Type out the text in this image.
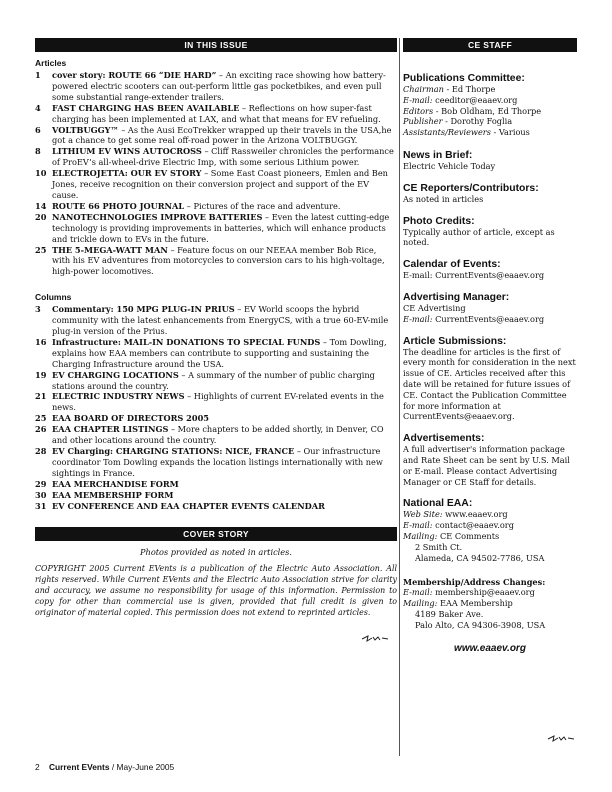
IN THIS ISSUE
Articles
1 cover story: ROUTE 66 “DIE HARD” – An exciting race showing how battery-powered electric scooters can out-perform little gas pocketbikes, and even pull some substantial range-extender trailers.
4 FAST CHARGING HAS BEEN AVAILABLE – Reflections on how super-fast charging has been implemented at LAX, and what that means for EV refueling.
6 VOLTBUGGY™ – As the Ausi EcoTrekker wrapped up their travels in the USA,he got a chance to get some real off-road power in the Arizona VOLTBUGGY.
8 LITHIUM EV WINS AUTOCROSS – Cliff Rassweiler chronicles the performance of ProEV’s all-wheel-drive Electric Imp, with some serious Lithium power.
10 ELECTROJETTA: OUR EV STORY – Some East Coast pioneers, Emlen and Ben Jones, receive recognition on their conversion project and support of the EV cause.
14 ROUTE 66 PHOTO JOURNAL – Pictures of the race and adventure.
20 NANOTECHNOLOGIES IMPROVE BATTERIES – Even the latest cutting-edge technology is providing improvements in batteries, which will enhance products and trickle down to EVs in the future.
25 THE 5-MEGA-WATT MAN – Feature focus on our NEEAA member Bob Rice, with his EV adventures from motorcycles to conversion cars to his high-voltage, high-power locomotives.
Columns
3 Commentary: 150 MPG PLUG-IN PRIUS – EV World scoops the hybrid community with the latest enhancements from EnergyCS, with a true 60-EV-mile plug-in version of the Prius.
16 Infrastructure: MAIL-IN DONATIONS TO SPECIAL FUNDS – Tom Dowling, explains how EAA members can contribute to supporting and sustaining the Charging Infrastructure around the USA.
19 EV CHARGING LOCATIONS – A summary of the number of public charging stations around the country.
21 ELECTRIC INDUSTRY NEWS – Highlights of current EV-related events in the news.
25 EAA BOARD OF DIRECTORS 2005
26 EAA CHAPTER LISTINGS – More chapters to be added shortly, in Denver, CO and other locations around the country.
28 EV Charging: CHARGING STATIONS: NICE, FRANCE – Our infrastructure coordinator Tom Dowling expands the location listings internationally with new sightings in France.
29 EAA MERCHANDISE FORM
30 EAA MEMBERSHIP FORM
31 EV CONFERENCE AND EAA CHAPTER EVENTS CALENDAR
COVER STORY
Photos provided as noted in articles.
COPYRIGHT 2005 Current EVents is a publication of the Electric Auto Association. All rights reserved. While Current EVents and the Electric Auto Association strive for clarity and accuracy, we assume no responsibility for usage of this information. Permission to copy for other than commercial use is given, provided that full credit is given to originator of material copied. This permission does not extend to reprinted articles.
CE STAFF
Publications Committee:
Chairman - Ed Thorpe
E-mail: ceeditor@eaaev.org
Editors - Bob Oldham, Ed Thorpe
Publisher - Dorothy Foglia
Assistants/Reviewers - Various
News in Brief:
Electric Vehicle Today
CE Reporters/Contributors:
As noted in articles
Photo Credits:
Typically author of article, except as noted.
Calendar of Events:
E-mail: CurrentEvents@eaaev.org
Advertising Manager:
CE Advertising
E-mail: CurrentEvents@eaaev.org
Article Submissions:
The deadline for articles is the first of every month for consideration in the next issue of CE. Articles received after this date will be retained for future issues of CE. Contact the Publication Committee for more information at CurrentEvents@eaaev.org.
Advertisements:
A full advertiser's information package and Rate Sheet can be sent by U.S. Mail or E-mail. Please contact Advertising Manager or CE Staff for details.
National EAA:
Web Site: www.eaaev.org
E-mail: contact@eaaev.org
Mailing: CE Comments
2 Smith Ct.
Alameda, CA 94502-7786, USA
Membership/Address Changes:
E-mail: membership@eaaev.org
Mailing: EAA Membership
4189 Baker Ave.
Palo Alto, CA 94306-3908, USA
www.eaaev.org
2 Current EVents / May-June 2005
